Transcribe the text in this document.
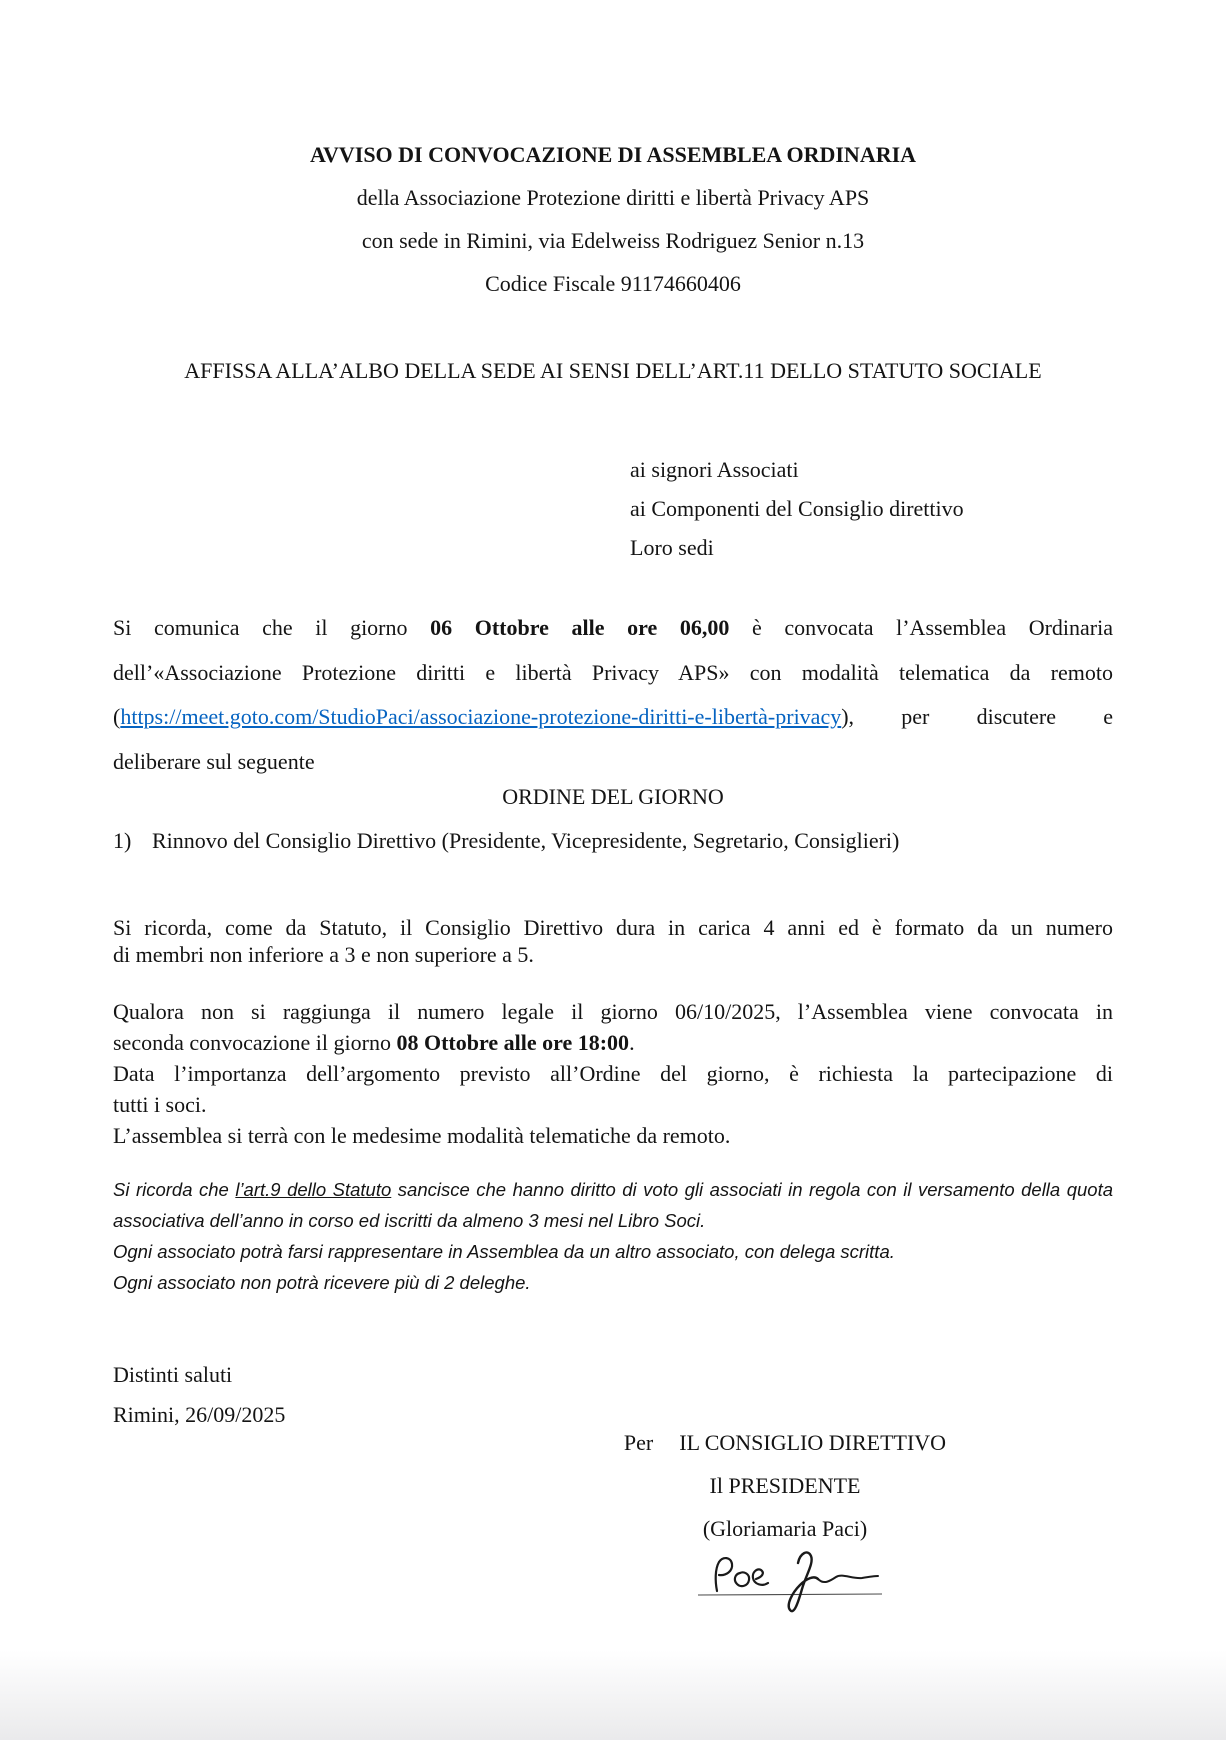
AVVISO DI CONVOCAZIONE DI ASSEMBLEA ORDINARIA
della Associazione Protezione diritti e libertà Privacy APS
con sede in Rimini, via Edelweiss Rodriguez Senior n.13
Codice Fiscale 91174660406
AFFISSA ALLA’ALBO DELLA SEDE AI SENSI DELL’ART.11 DELLO STATUTO SOCIALE
ai signori Associati
ai Componenti del Consiglio direttivo
Loro sedi
Si comunica che il giorno 06 Ottobre alle ore 06,00 è convocata l’Assemblea Ordinaria
dell’«Associazione Protezione diritti e libertà Privacy APS» con modalità telematica da remoto
(https://meet.goto.com/StudioPaci/associazione-protezione-diritti-e-libertà-privacy), per discutere e
deliberare sul seguente
ORDINE DEL GIORNO
1) Rinnovo del Consiglio Direttivo (Presidente, Vicepresidente, Segretario, Consiglieri)
Si ricorda, come da Statuto, il Consiglio Direttivo dura in carica 4 anni ed è formato da un numero
di membri non inferiore a 3 e non superiore a 5.
Qualora non si raggiunga il numero legale il giorno 06/10/2025, l’Assemblea viene convocata in
seconda convocazione il giorno 08 Ottobre alle ore 18:00.
Data l’importanza dell’argomento previsto all’Ordine del giorno, è richiesta la partecipazione di
tutti i soci.
L’assemblea si terrà con le medesime modalità telematiche da remoto.
Si ricorda che l’art.9 dello Statuto sancisce che hanno diritto di voto gli associati in regola con il versamento della quota
associativa dell’anno in corso ed iscritti da almeno 3 mesi nel Libro Soci.
Ogni associato potrà farsi rappresentare in Assemblea da un altro associato, con delega scritta.
Ogni associato non potrà ricevere più di 2 deleghe.
Distinti saluti
Rimini, 26/09/2025
Per IL CONSIGLIO DIRETTIVO
Il PRESIDENTE
(Gloriamaria Paci)
